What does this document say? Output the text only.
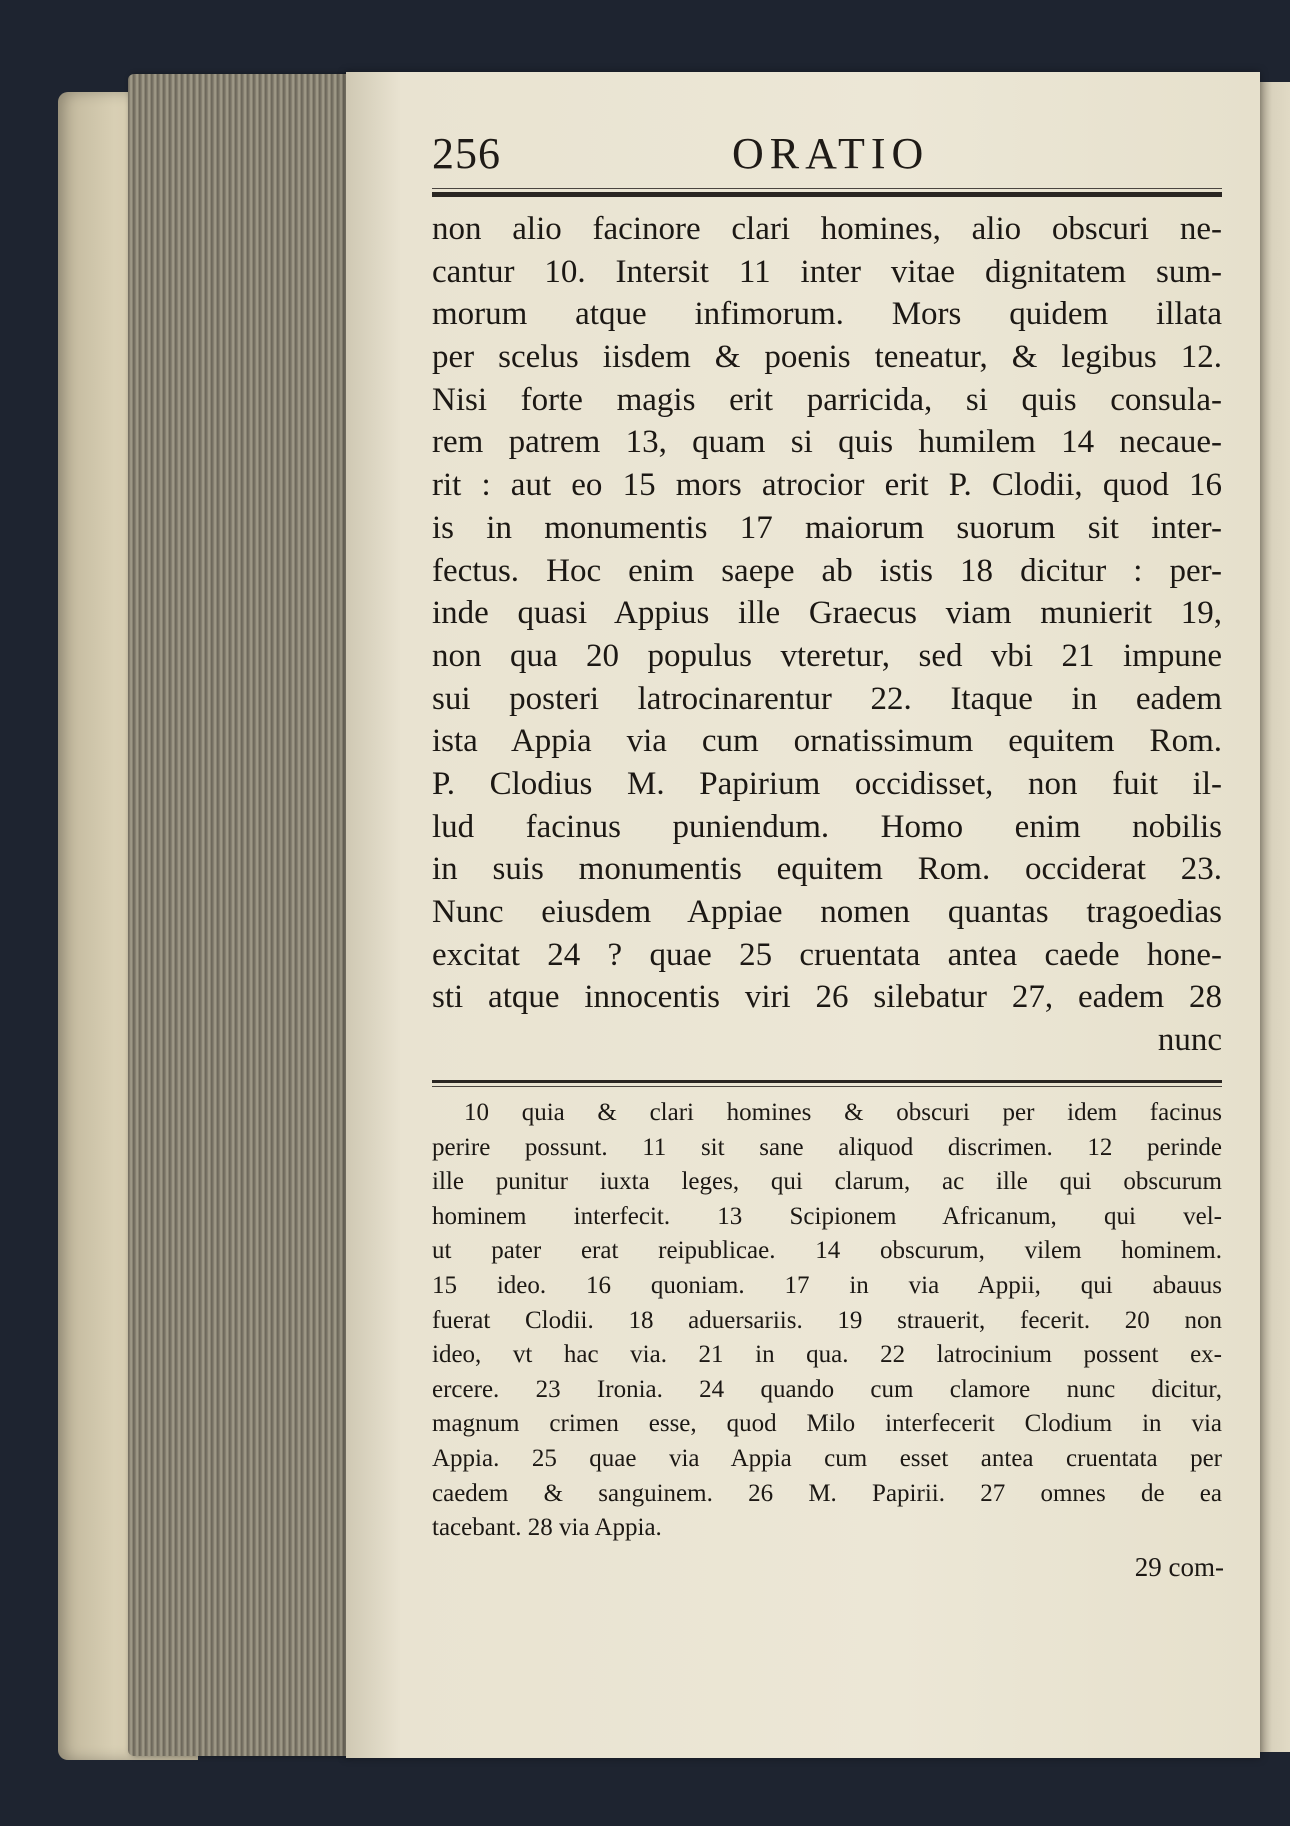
256	ORATIO
non alio facinore clari homines, alio obscuri ne-
cantur 10. Intersit 11 inter vitae dignitatem sum-
morum atque infimorum. Mors quidem illata
per scelus iisdem & poenis teneatur, & legibus 12.
Nisi forte magis erit parricida, si quis consula-
rem patrem 13, quam si quis humilem 14 necaue-
rit : aut eo 15 mors atrocior erit P. Clodii, quod 16
is in monumentis 17 maiorum suorum sit inter-
fectus. Hoc enim saepe ab istis 18 dicitur : per-
inde quasi Appius ille Graecus viam munierit 19,
non qua 20 populus vteretur, sed vbi 21 impune
sui posteri latrocinarentur 22. Itaque in eadem
ista Appia via cum ornatissimum equitem Rom.
P. Clodius M. Papirium occidisset, non fuit il-
lud facinus puniendum. Homo enim nobilis
in suis monumentis equitem Rom. occiderat 23.
Nunc eiusdem Appiae nomen quantas tragoedias
excitat 24 ? quae 25 cruentata antea caede hone-
sti atque innocentis viri 26 silebatur 27, eadem 28
nunc
10 quia & clari homines & obscuri per idem facinus
perire possunt. 11 sit sane aliquod discrimen. 12 perinde
ille punitur iuxta leges, qui clarum, ac ille qui obscurum
hominem interfecit. 13 Scipionem Africanum, qui vel-
ut pater erat reipublicae. 14 obscurum, vilem hominem.
15 ideo. 16 quoniam. 17 in via Appii, qui abauus
fuerat Clodii. 18 aduersariis. 19 strauerit, fecerit. 20 non
ideo, vt hac via. 21 in qua. 22 latrocinium possent ex-
ercere. 23 Ironia. 24 quando cum clamore nunc dicitur,
magnum crimen esse, quod Milo interfecerit Clodium in via
Appia. 25 quae via Appia cum esset antea cruentata per
caedem & sanguinem. 26 M. Papirii. 27 omnes de ea
tacebant. 28 via Appia.
29 com-
